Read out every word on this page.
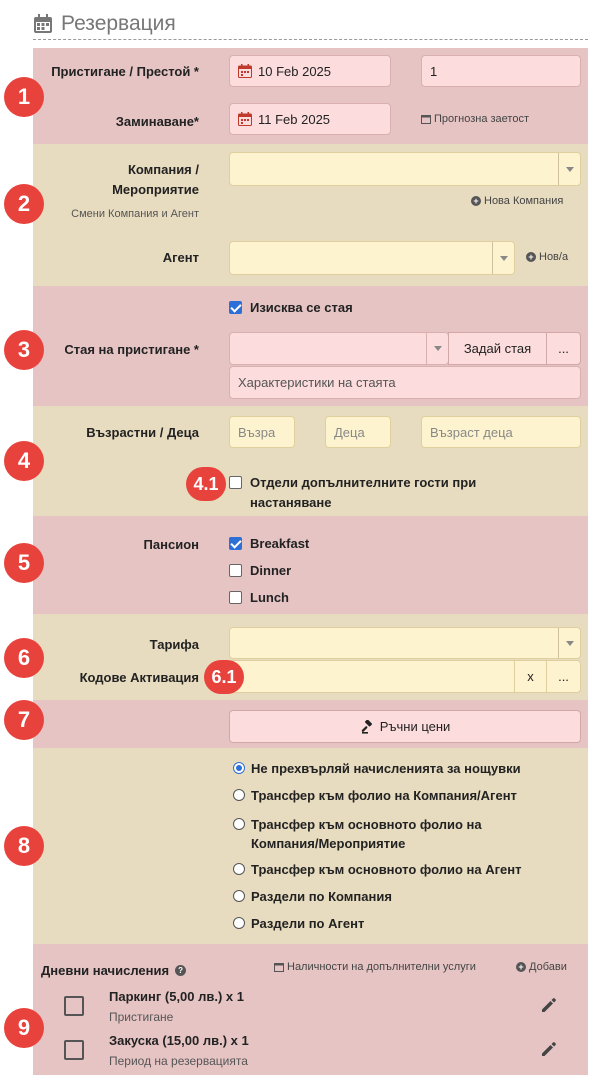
Резервация
Пристигане / Престой *	10 Feb 2025	1
Заминаване*	11 Feb 2025	Прогнозна заетост
Компания /
Мероприятие
Смени Компания и Агент
+ Нова Компания
Агент	+ Нов/а
Изисква се стая
Стая на пристигане *	Задай стая	...
Характеристики на стаята
Възрастни / Деца	Възра	Деца	Възраст деца
Отдели допълнителните гости при настаняване
Пансион	Breakfast
Dinner
Lunch
Тарифа
Кодове Активация	x	...
Ръчни цени
Не прехвърляй начисленията за нощувки
Трансфер към фолио на Компания/Агент
Трансфер към основното фолио на Компания/Мероприятие
Трансфер към основното фолио на Агент
Раздели по Компания
Раздели по Агент
Дневни начисления	?	Наличности на допълнителни услуги	+ Добави
Паркинг (5,00 лв.) x 1
Пристигане
Закуска (15,00 лв.) x 1
Период на резервацията
1
2
3
4
4.1
5
6
6.1
7
8
9
